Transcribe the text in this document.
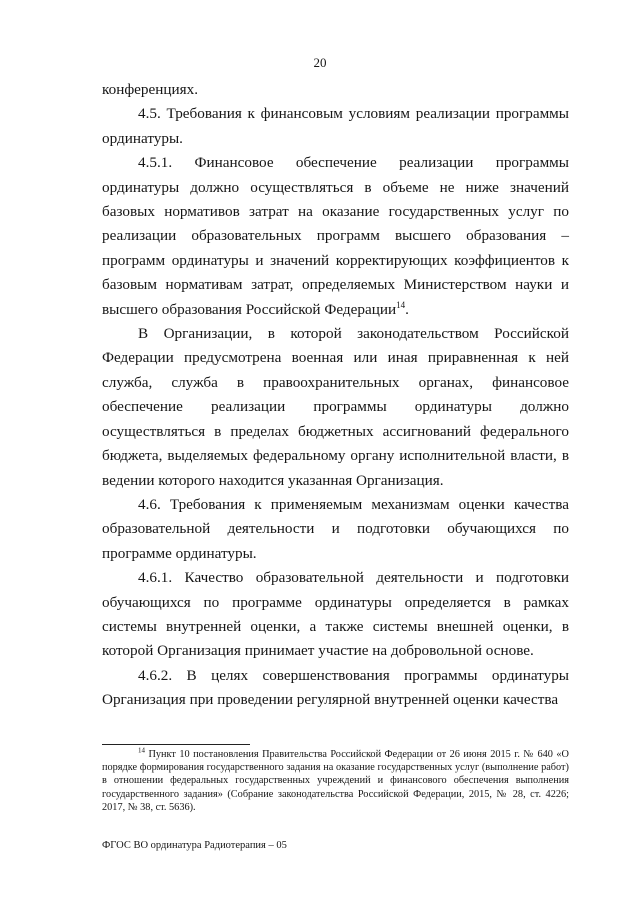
20

конференциях.

4.5. Требования к финансовым условиям реализации программы ординатуры.

4.5.1. Финансовое обеспечение реализации программы ординатуры должно осуществляться в объеме не ниже значений базовых нормативов затрат на оказание государственных услуг по реализации образовательных программ высшего образования – программ ординатуры и значений корректирующих коэффициентов к базовым нормативам затрат, определяемых Министерством науки и высшего образования Российской Федерации$^{14}$.

В Организации, в которой законодательством Российской Федерации предусмотрена военная или иная приравненная к ней служба, служба в правоохранительных органах, финансовое обеспечение реализации программы ординатуры должно осуществляться в пределах бюджетных ассигнований федерального бюджета, выделяемых федеральному органу исполнительной власти, в ведении которого находится указанная Организация.

4.6. Требования к применяемым механизмам оценки качества образовательной деятельности и подготовки обучающихся по программе ординатуры.

4.6.1. Качество образовательной деятельности и подготовки обучающихся по программе ординатуры определяется в рамках системы внутренней оценки, а также системы внешней оценки, в которой Организация принимает участие на добровольной основе.

4.6.2. В целях совершенствования программы ординатуры Организация при проведении регулярной внутренней оценки качества

$^{14}$ Пункт 10 постановления Правительства Российской Федерации от 26 июня 2015 г. № 640 «О порядке формирования государственного задания на оказание государственных услуг (выполнение работ) в отношении федеральных государственных учреждений и финансового обеспечения выполнения государственного задания» (Собрание законодательства Российской Федерации, 2015, № 28, ст. 4226; 2017, № 38, ст. 5636).

ФГОС ВО ординатура Радиотерапия – 05
